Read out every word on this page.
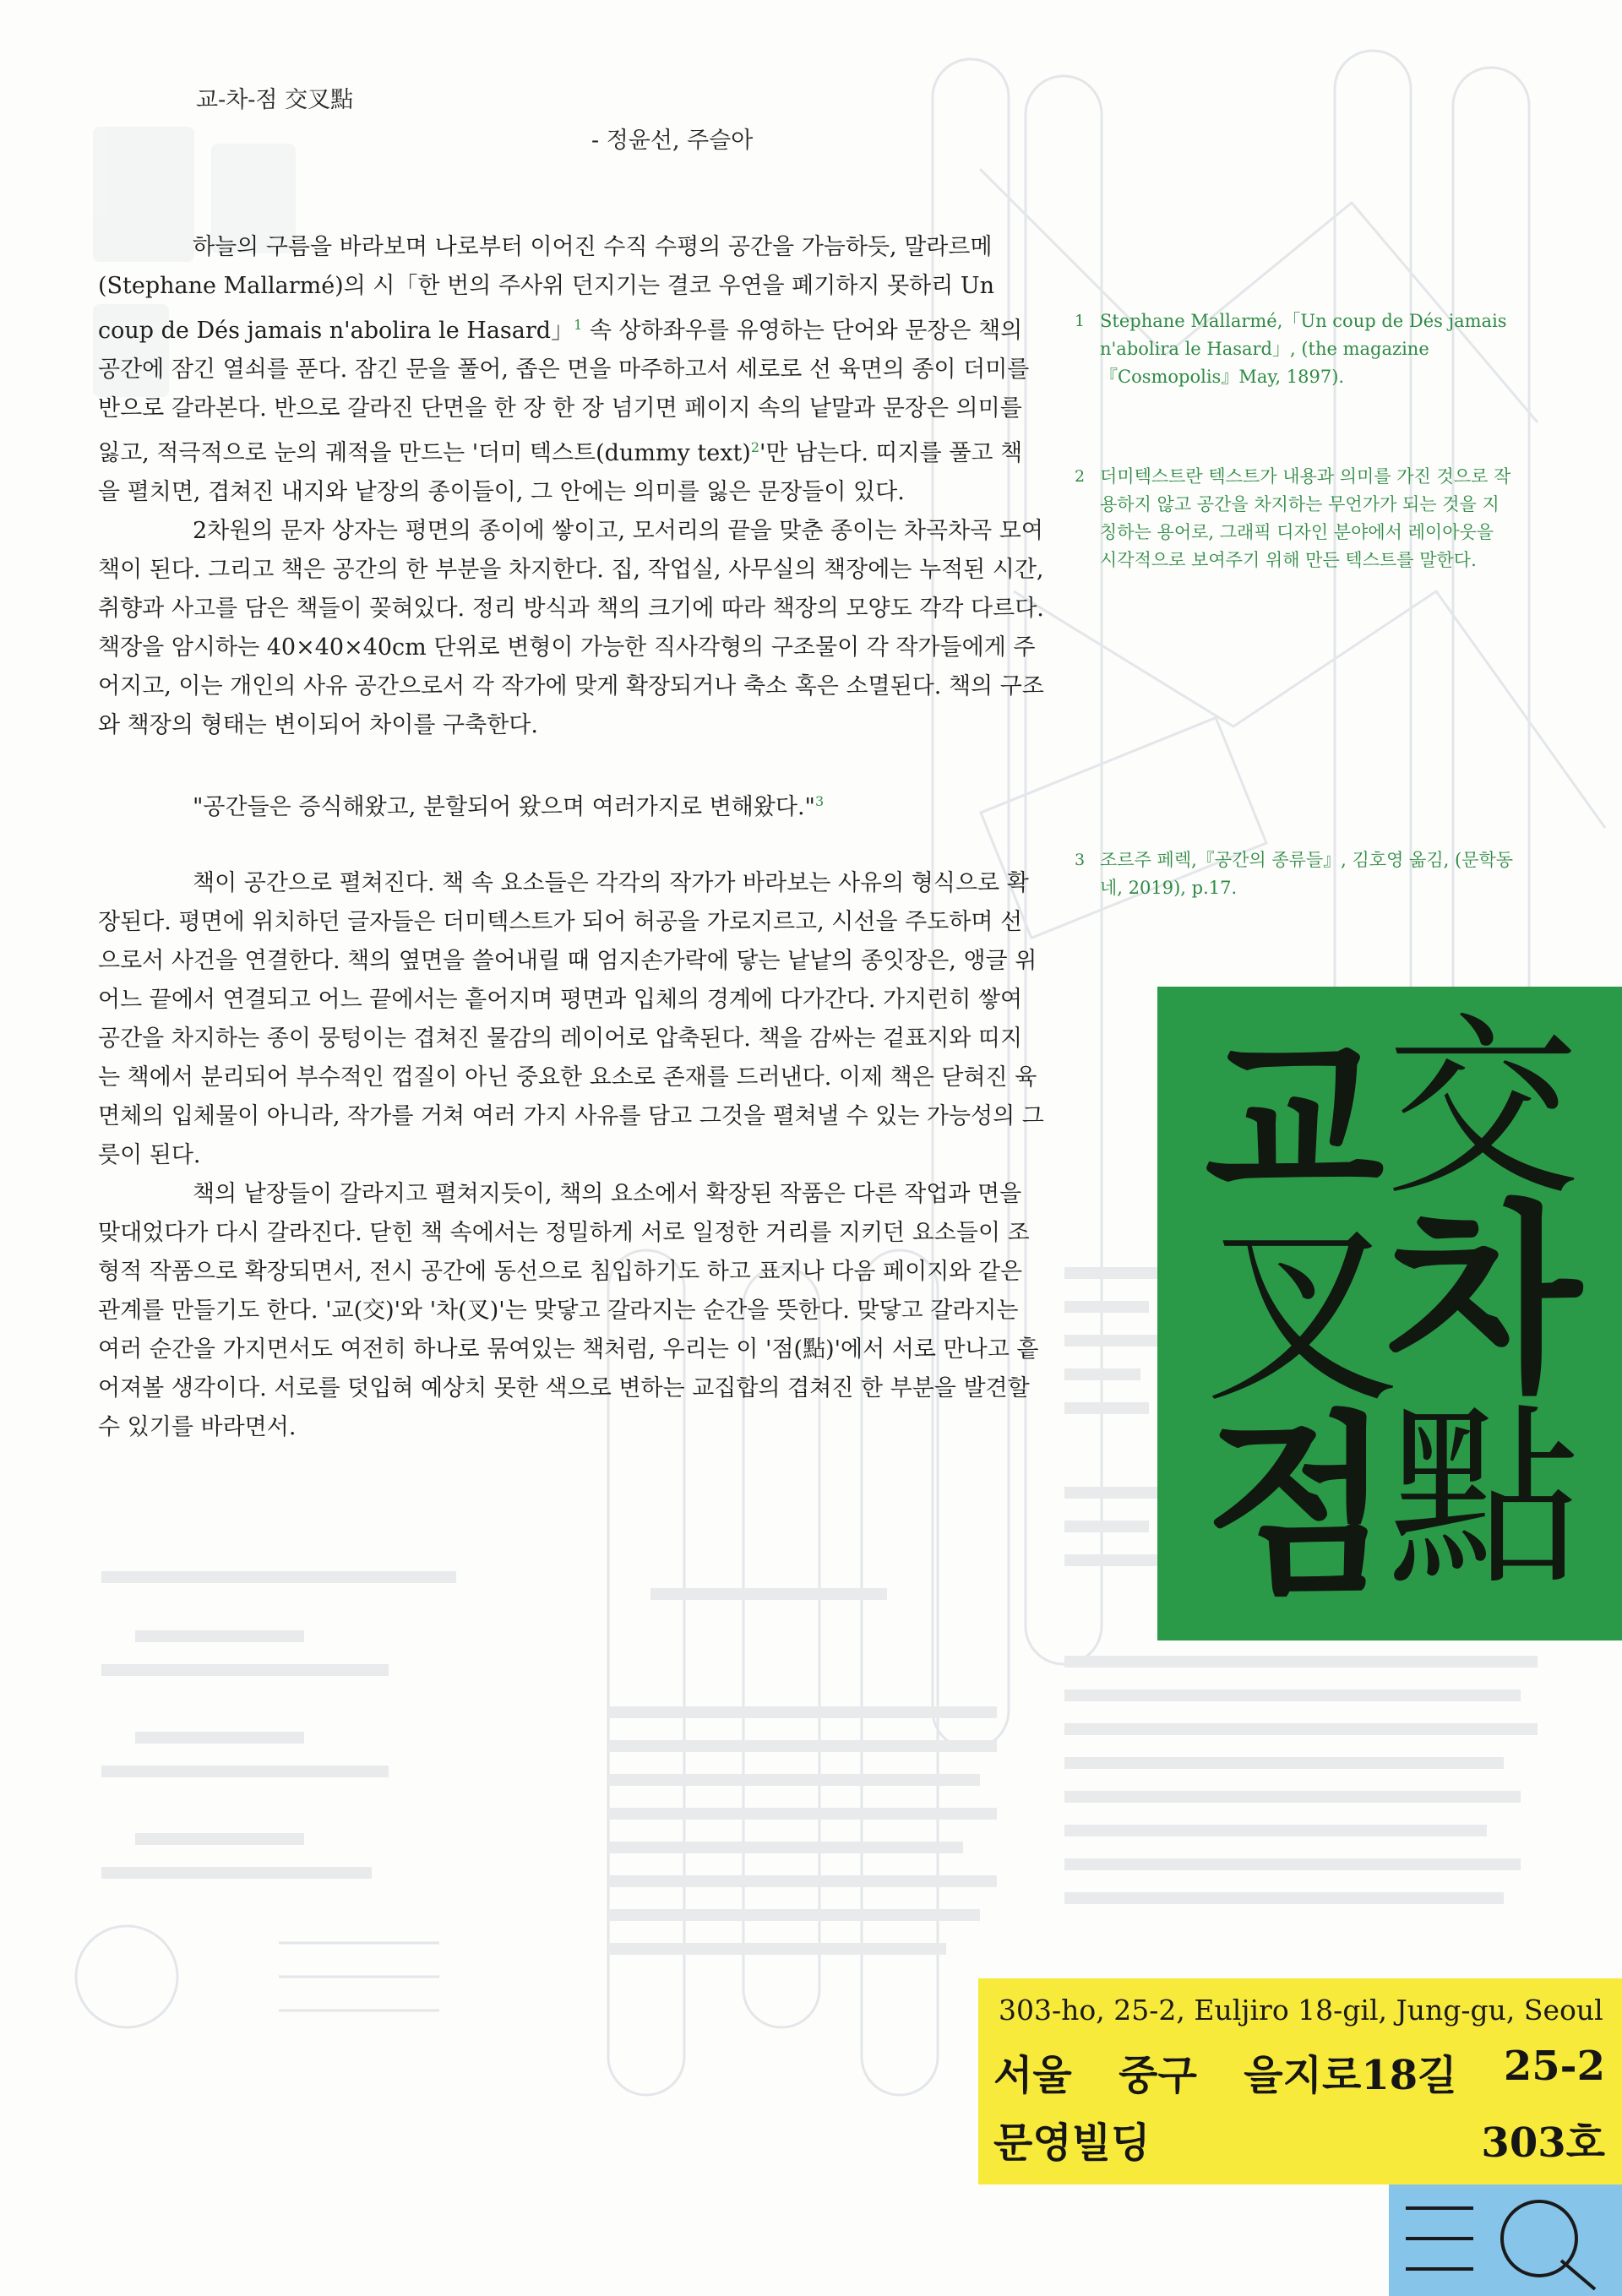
교-차-점 交叉點
- 정윤선, 주슬아

하늘의 구름을 바라보며 나로부터 이어진 수직 수평의 공간을 가늠하듯, 말라르메(Stephane Mallarmé)의 시「한 번의 주사위 던지기는 결코 우연을 폐기하지 못하리 Un coup de Dés jamais n'abolira le Hasard」$^1$ 속 상하좌우를 유영하는 단어와 문장은 책의 공간에 잠긴 열쇠를 푼다. 잠긴 문을 풀어, 좁은 면을 마주하고서 세로로 선 육면의 종이 더미를 반으로 갈라본다. 반으로 갈라진 단면을 한 장 한 장 넘기면 페이지 속의 낱말과 문장은 의미를 잃고, 적극적으로 눈의 궤적을 만드는 '더미 텍스트(dummy text)$^2$'만 남는다. 띠지를 풀고 책을 펼치면, 겹쳐진 내지와 낱장의 종이들이, 그 안에는 의미를 잃은 문장들이 있다.

2차원의 문자 상자는 평면의 종이에 쌓이고, 모서리의 끝을 맞춘 종이는 차곡차곡 모여 책이 된다. 그리고 책은 공간의 한 부분을 차지한다. 집, 작업실, 사무실의 책장에는 누적된 시간, 취향과 사고를 담은 책들이 꽂혀있다. 정리 방식과 책의 크기에 따라 책장의 모양도 각각 다르다. 책장을 암시하는 40×40×40cm 단위로 변형이 가능한 직사각형의 구조물이 각 작가들에게 주어지고, 이는 개인의 사유 공간으로서 각 작가에 맞게 확장되거나 축소 혹은 소멸된다. 책의 구조와 책장의 형태는 변이되어 차이를 구축한다.

"공간들은 증식해왔고, 분할되어 왔으며 여러가지로 변해왔다."$^3$

책이 공간으로 펼쳐진다. 책 속 요소들은 각각의 작가가 바라보는 사유의 형식으로 확장된다. 평면에 위치하던 글자들은 더미텍스트가 되어 허공을 가로지르고, 시선을 주도하며 선으로서 사건을 연결한다. 책의 옆면을 쓸어내릴 때 엄지손가락에 닿는 낱낱의 종잇장은, 앵글 위 어느 끝에서 연결되고 어느 끝에서는 흩어지며 평면과 입체의 경계에 다가간다. 가지런히 쌓여 공간을 차지하는 종이 뭉텅이는 겹쳐진 물감의 레이어로 압축된다. 책을 감싸는 겉표지와 띠지는 책에서 분리되어 부수적인 껍질이 아닌 중요한 요소로 존재를 드러낸다. 이제 책은 닫혀진 육면체의 입체물이 아니라, 작가를 거쳐 여러 가지 사유를 담고 그것을 펼쳐낼 수 있는 가능성의 그릇이 된다.

책의 낱장들이 갈라지고 펼쳐지듯이, 책의 요소에서 확장된 작품은 다른 작업과 면을 맞대었다가 다시 갈라진다. 닫힌 책 속에서는 정밀하게 서로 일정한 거리를 지키던 요소들이 조형적 작품으로 확장되면서, 전시 공간에 동선으로 침입하기도 하고 표지나 다음 페이지와 같은 관계를 만들기도 한다. '교(交)'와 '차(叉)'는 맞닿고 갈라지는 순간을 뜻한다. 맞닿고 갈라지는 여러 순간을 가지면서도 여전히 하나로 묶여있는 책처럼, 우리는 이 '점(點)'에서 서로 만나고 흩어져볼 생각이다. 서로를 덧입혀 예상치 못한 색으로 변하는 교집합의 겹쳐진 한 부분을 발견할 수 있기를 바라면서.

1 Stephane Mallarmé,「Un coup de Dés jamais n'abolira le Hasard」, (the magazine『Cosmopolis』May, 1897).
2 더미텍스트란 텍스트가 내용과 의미를 가진 것으로 작용하지 않고 공간을 차지하는 무언가가 되는 것을 지칭하는 용어로, 그래픽 디자인 분야에서 레이아웃을 시각적으로 보여주기 위해 만든 텍스트를 말한다.
3 조르주 페렉,『공간의 종류들』, 김호영 옮김, (문학동네, 2019), p.17.
교 交
叉
차
점
點
303-ho, 25-2, Euljiro 18-gil, Jung-gu, Seoul
서울 중구 을지로18길 25-2
문영빌딩	303호
